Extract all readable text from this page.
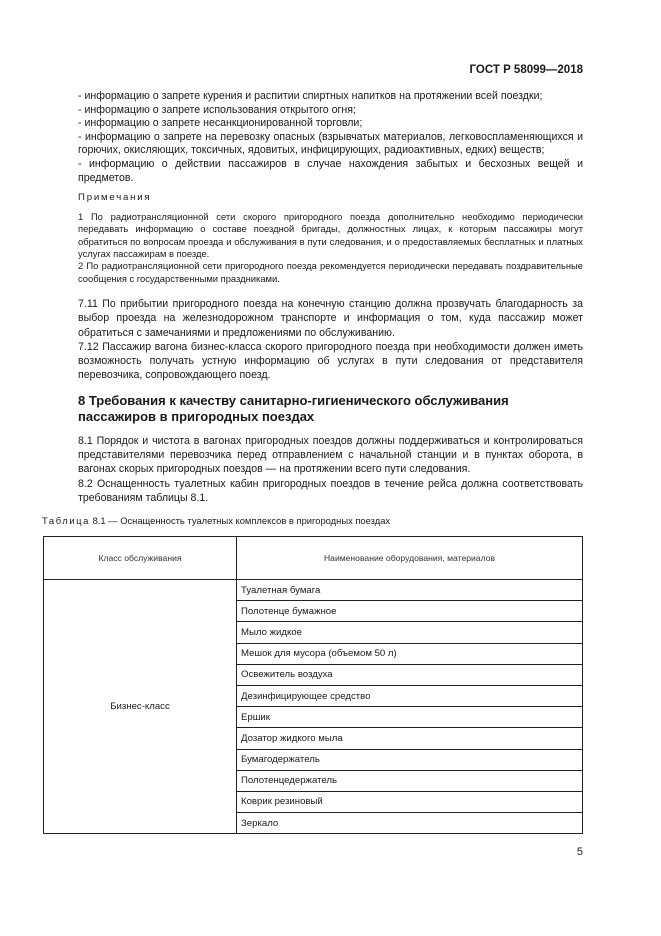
ГОСТ Р 58099—2018

- информацию о запрете курения и распитии спиртных напитков на протяжении всей поездки;

- информацию о запрете использования открытого огня;

- информацию о запрете несанкционированной торговли;

- информацию о запрете на перевозку опасных (взрывчатых материалов, легковоспламеняющихся и горючих, окисляющих, токсичных, ядовитых, инфицирующих, радиоактивных, едких) веществ;

- информацию о действии пассажиров в случае нахождения забытых и бесхозных вещей и предметов.

Примечания

1 По радиотрансляционной сети скорого пригородного поезда дополнительно необходимо периодически передавать информацию о составе поездной бригады, должностных лицах, к которым пассажиры могут обратиться по вопросам проезда и обслуживания в пути следования, и о предоставляемых бесплатных и платных услугах пассажирам в поезде.

2 По радиотрансляционной сети пригородного поезда рекомендуется периодически передавать поздравительные сообщения с государственными праздниками.

7.11 По прибытии пригородного поезда на конечную станцию должна прозвучать благодарность за выбор проезда на железнодорожном транспорте и информация о том, куда пассажир может обратиться с замечаниями и предложениями по обслуживанию.

7.12 Пассажир вагона бизнес-класса скорого пригородного поезда при необходимости должен иметь возможность получать устную информацию об услугах в пути следования от представителя перевозчика, сопровождающего поезд.

8 Требования к качеству санитарно-гигиенического обслуживания пассажиров в пригородных поездах

8.1 Порядок и чистота в вагонах пригородных поездов должны поддерживаться и контролироваться представителями перевозчика перед отправлением с начальной станции и в пунктах оборота, в вагонах скорых пригородных поездов — на протяжении всего пути следования.

8.2 Оснащенность туалетных кабин пригородных поездов в течение рейса должна соответствовать требованиям таблицы 8.1.

Таблица 8.1 — Оснащенность туалетных комплексов в пригородных поездах
Класс обслуживания	Наименование оборудования, материалов
Бизнес-класс	Туалетная бумага
	Полотенце бумажное
	Мыло жидкое
	Мешок для мусора (объемом 50 л)
	Освежитель воздуха
	Дезинфицирующее средство
	Ершик
	Дозатор жидкого мыла
	Бумагодержатель
	Полотенцедержатель
	Коврик резиновый
	Зеркало
5
